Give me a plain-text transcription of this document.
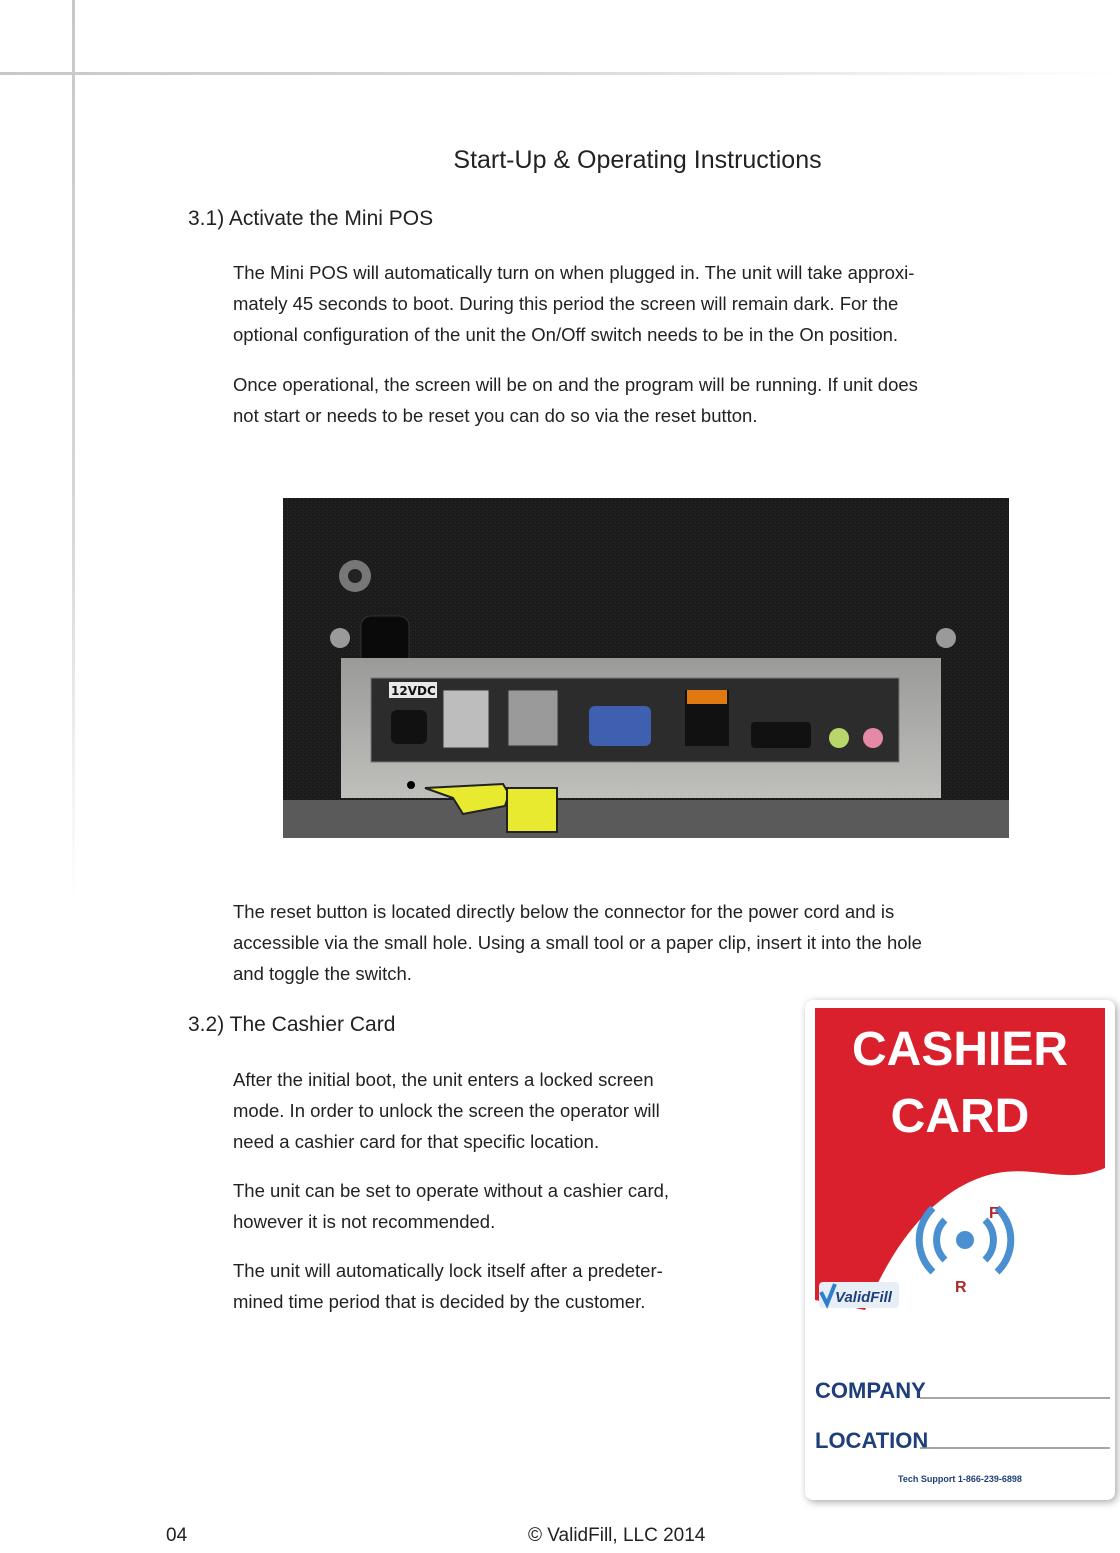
Start-Up & Operating Instructions
3.1) Activate the Mini POS
The Mini POS will automatically turn on when plugged in. The unit will take approxi-
mately 45 seconds to boot. During this period the screen will remain dark. For the
optional configuration of the unit the On/Off switch needs to be in the On position.
Once operational, the screen will be on and the program will be running. If unit does
not start or needs to be reset you can do so via the reset button.
12VDC
The reset button is located directly below the connector for the power cord and is
accessible via the small hole. Using a small tool or a paper clip, insert it into the hole
and toggle the switch.
3.2) The Cashier Card
After the initial boot, the unit enters a locked screen
mode. In order to unlock the screen the operator will
need a cashier card for that specific location.
The unit can be set to operate without a cashier card,
however it is not recommended.
The unit will automatically lock itself after a predeter-
mined time period that is decided by the customer.
CASHIER
CARD
R
F
ValidFill
COMPANY
LOCATION
Tech Support 1-866-239-6898
04	© ValidFill, LLC 2014
